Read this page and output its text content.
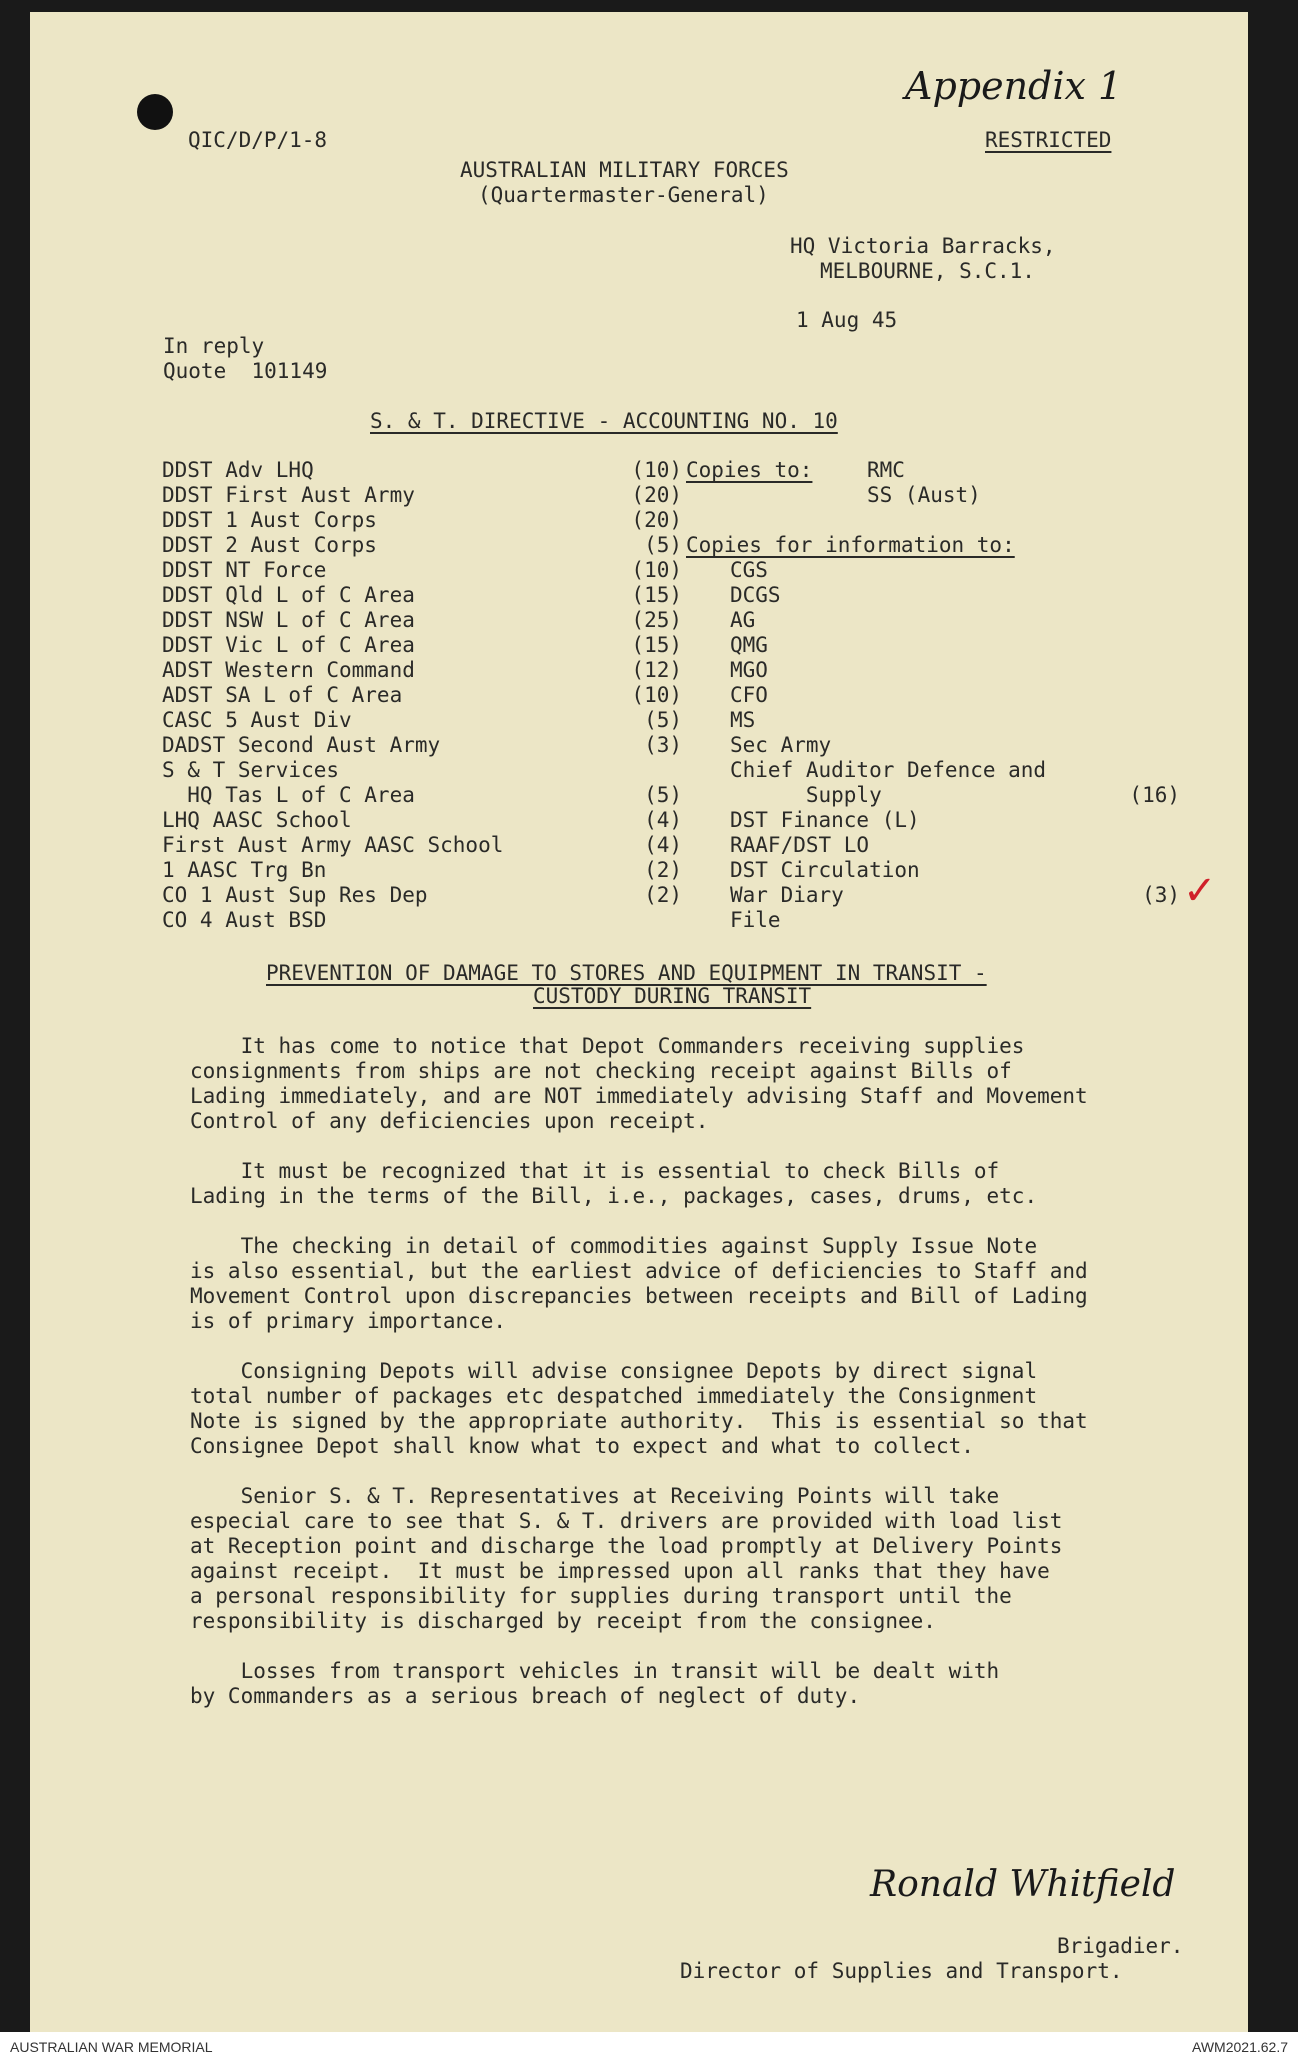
Appendix 1
QIC/D/P/1-8	RESTRICTED
AUSTRALIAN MILITARY FORCES
(Quartermaster-General)
HQ Victoria Barracks,
MELBOURNE, S.C.1.
1 Aug 45
In reply
Quote  101149
S. & T. DIRECTIVE - ACCOUNTING NO. 10
DDST Adv LHQ	(10)
DDST First Aust Army	(20)
DDST 1 Aust Corps	(20)
DDST 2 Aust Corps	(5)
DDST NT Force	(10)
DDST Qld L of C Area	(15)
DDST NSW L of C Area	(25)
DDST Vic L of C Area	(15)
ADST Western Command	(12)
ADST SA L of C Area	(10)
CASC 5 Aust Div	(5)
DADST Second Aust Army	(3)
S & T Services
HQ Tas L of C Area	(5)
LHQ AASC School	(4)
First Aust Army AASC School	(4)
1 AASC Trg Bn	(2)
CO 1 Aust Sup Res Dep	(2)
CO 4 Aust BSD
Copies to:	RMC
SS (Aust)
Copies for information to:
CGS
DCGS
AG
QMG
MGO
CFO
MS
Sec Army
Chief Auditor Defence and
Supply	(16)
DST Finance (L)
RAAF/DST LO
DST Circulation
War Diary	(3)
File
✓
PREVENTION OF DAMAGE TO STORES AND EQUIPMENT IN TRANSIT -
CUSTODY DURING TRANSIT
It has come to notice that Depot Commanders receiving supplies
consignments from ships are not checking receipt against Bills of
Lading immediately, and are NOT immediately advising Staff and Movement
Control of any deficiencies upon receipt.
It must be recognized that it is essential to check Bills of
Lading in the terms of the Bill, i.e., packages, cases, drums, etc.
The checking in detail of commodities against Supply Issue Note
is also essential, but the earliest advice of deficiencies to Staff and
Movement Control upon discrepancies between receipts and Bill of Lading
is of primary importance.
Consigning Depots will advise consignee Depots by direct signal
total number of packages etc despatched immediately the Consignment
Note is signed by the appropriate authority.  This is essential so that
Consignee Depot shall know what to expect and what to collect.
Senior S. & T. Representatives at Receiving Points will take
especial care to see that S. & T. drivers are provided with load list
at Reception point and discharge the load promptly at Delivery Points
against receipt.  It must be impressed upon all ranks that they have
a personal responsibility for supplies during transport until the
responsibility is discharged by receipt from the consignee.
Losses from transport vehicles in transit will be dealt with
by Commanders as a serious breach of neglect of duty.
Ronald Whitfield
Brigadier.
Director of Supplies and Transport.
AUSTRALIAN WAR MEMORIAL	AWM2021.62.7
